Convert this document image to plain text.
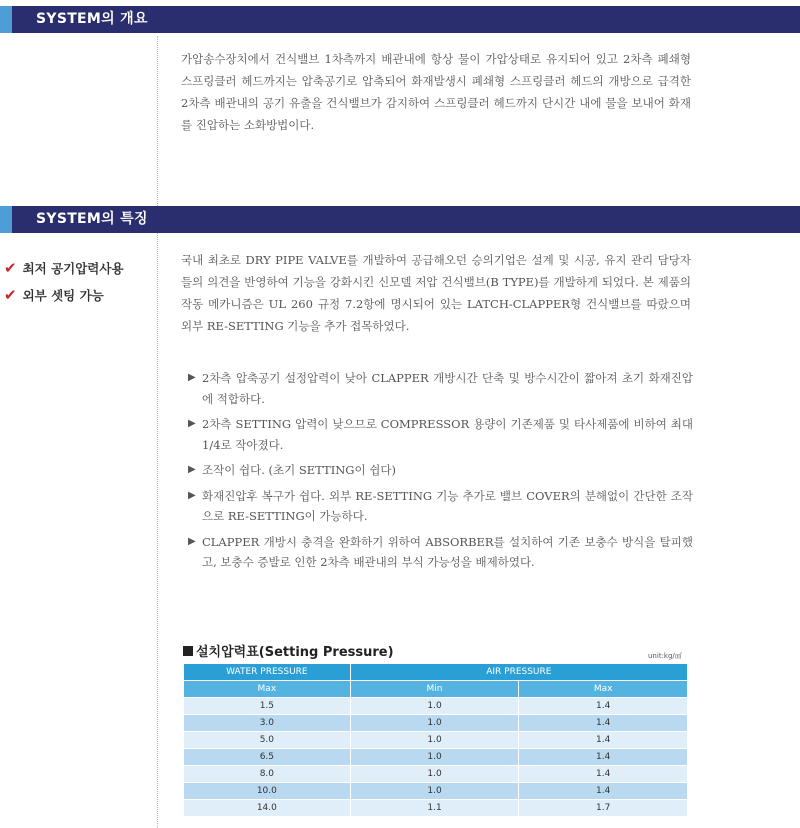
SYSTEM의 개요

가압송수장치에서 건식밸브 1차측까지 배관내에 항상 물이 가압상태로 유지되어 있고 2차측 폐쇄형 스프링클러 헤드까지는 압축공기로 압축되어 화재발생시 폐쇄형 스프링클러 헤드의 개방으로 급격한 2차측 배관내의 공기 유출을 건식밸브가 감지하여 스프링클러 헤드까지 단시간 내에 물을 보내어 화재를 진압하는 소화방법이다.

SYSTEM의 특징
✔ 최저 공기압력사용
✔ 외부 셋팅 가능

국내 최초로 DRY PIPE VALVE를 개발하여 공급해오던 승의기업은 설계 및 시공, 유지 관리 담당자들의 의견을 반영하여 기능을 강화시킨 신모델 저압 건식밸브(B TYPE)를 개발하게 되었다. 본 제품의 작동 메카니즘은 UL 260 규정 7.2항에 명시되어 있는 LATCH-CLAPPER형 건식밸브를 따랐으며 외부 RE-SETTING 기능을 추가 접목하였다.

▶ 2차측 압축공기 설정압력이 낮아 CLAPPER 개방시간 단축 및 방수시간이 짧아져 초기 화재진압에 적합하다.
▶ 2차측 SETTING 압력이 낮으므로 COMPRESSOR 용량이 기존제품 및 타사제품에 비하여 최대 1/4로 작아졌다.
▶ 조작이 쉽다. (초기 SETTING이 쉽다)
▶ 화재진압후 복구가 쉽다. 외부 RE-SETTING 기능 추가로 밸브 COVER의 분해없이 간단한 조작으로 RE-SETTING이 가능하다.
▶ CLAPPER 개방시 충격을 완화하기 위하여 ABSORBER를 설치하여 기존 보충수 방식을 탈피했고, 보충수 증발로 인한 2차측 배관내의 부식 가능성을 배제하였다.
설치압력표(Setting Pressure)	unit:kg/㎠
WATER PRESSURE	AIR PRESSURE	
Max	Min	Max
1.5	1.0	1.4
3.0	1.0	1.4
5.0	1.0	1.4
6.5	1.0	1.4
8.0	1.0	1.4
10.0	1.0	1.4
14.0	1.1	1.7
